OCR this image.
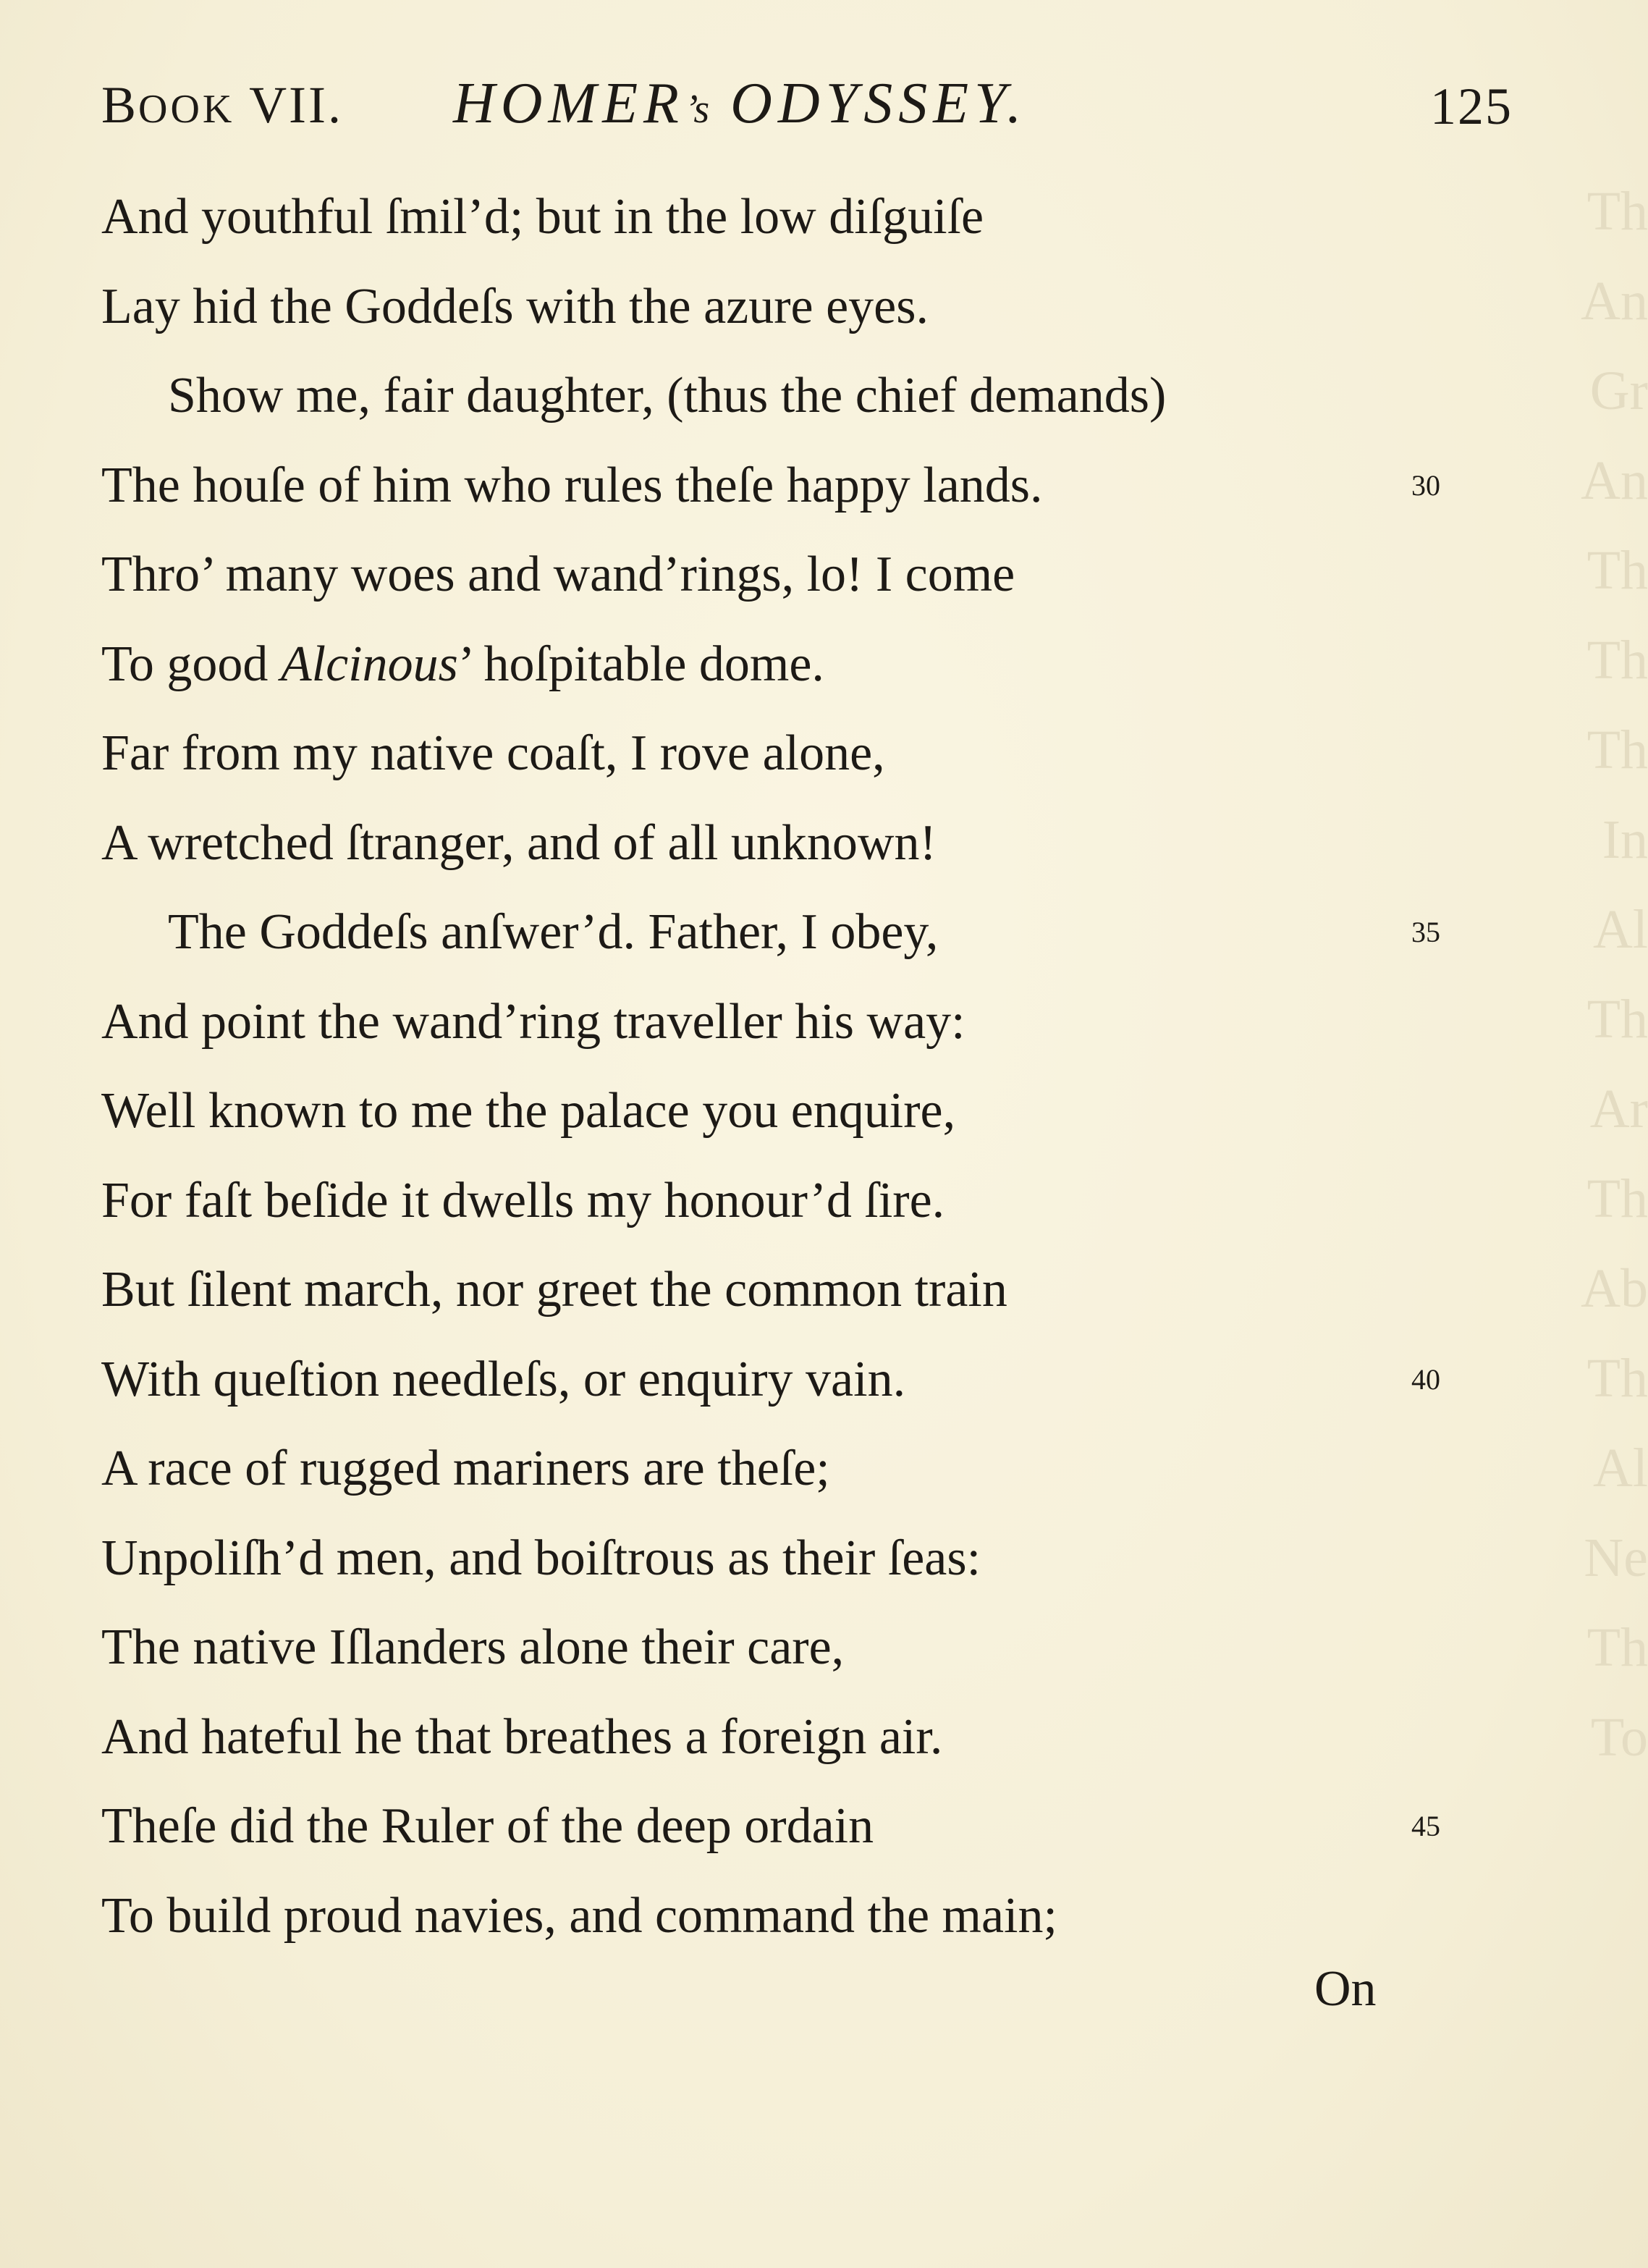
Th
An
Gr
An
Th
Th
Th
In
Al
Th
Ar
Th
Ab
Th
Al
Ne
Th
To
BOOK VII. HOMER’s ODYSSEY.	125
And youthful ſmil’d; but in the low diſguiſe
Lay hid the Goddeſs with the azure eyes.
Show me, fair daughter, (thus the chief demands)
The houſe of him who rules theſe happy lands.	30
Thro’ many woes and wand’rings, lo! I come
To good Alcinous’ hoſpitable dome.
Far from my native coaſt, I rove alone,
A wretched ſtranger, and of all unknown!
The Goddeſs anſwer’d. Father, I obey,	35
And point the wand’ring traveller his way:
Well known to me the palace you enquire,
For faſt beſide it dwells my honour’d ſire.
But ſilent march, nor greet the common train
With queſtion needleſs, or enquiry vain.	40
A race of rugged mariners are theſe;
Unpoliſh’d men, and boiſtrous as their ſeas:
The native Iſlanders alone their care,
And hateful he that breathes a foreign air.
Theſe did the Ruler of the deep ordain	45
To build proud navies, and command the main;
On
